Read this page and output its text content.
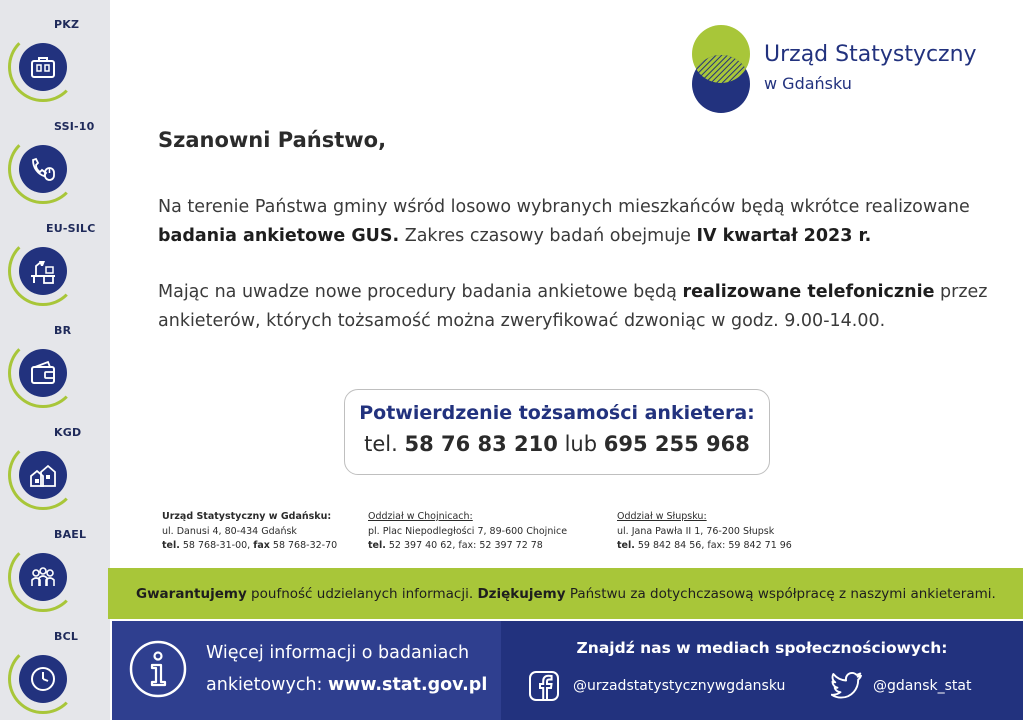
PKZ
SSI-10
EU-SILC
BR
KGD
BAEL
BCL
Urząd Statystyczny
w Gdańsku
Szanowni Państwo,
Na terenie Państwa gminy wśród losowo wybranych mieszkańców będą wkrótce realizowane badania ankietowe GUS. Zakres czasowy badań obejmuje IV kwartał 2023 r.
Mając na uwadze nowe procedury badania ankietowe będą realizowane telefonicznie przez ankieterów, których tożsamość można zweryfikować dzwoniąc w godz. 9.00-14.00.
Potwierdzenie tożsamości ankietera:
tel. 58 76 83 210 lub 695 255 968
Urząd Statystyczny w Gdańsku:
ul. Danusi 4, 80-434 Gdańsk
tel. 58 768-31-00, fax 58 768-32-70
Oddział w Chojnicach:
pl. Plac Niepodległości 7, 89-600 Chojnice
tel. 52 397 40 62, fax: 52 397 72 78
Oddział w Słupsku:
ul. Jana Pawła II 1, 76-200 Słupsk
tel. 59 842 84 56, fax: 59 842 71 96
Gwarantujemy poufność udzielanych informacji. Dziękujemy Państwu za dotychczasową współpracę z naszymi ankieterami.
Więcej informacji o badaniach
ankietowych: www.stat.gov.pl
Znajdź nas w mediach społecznościowych:
@urzadstatystycznywgdansku	@gdansk_stat
